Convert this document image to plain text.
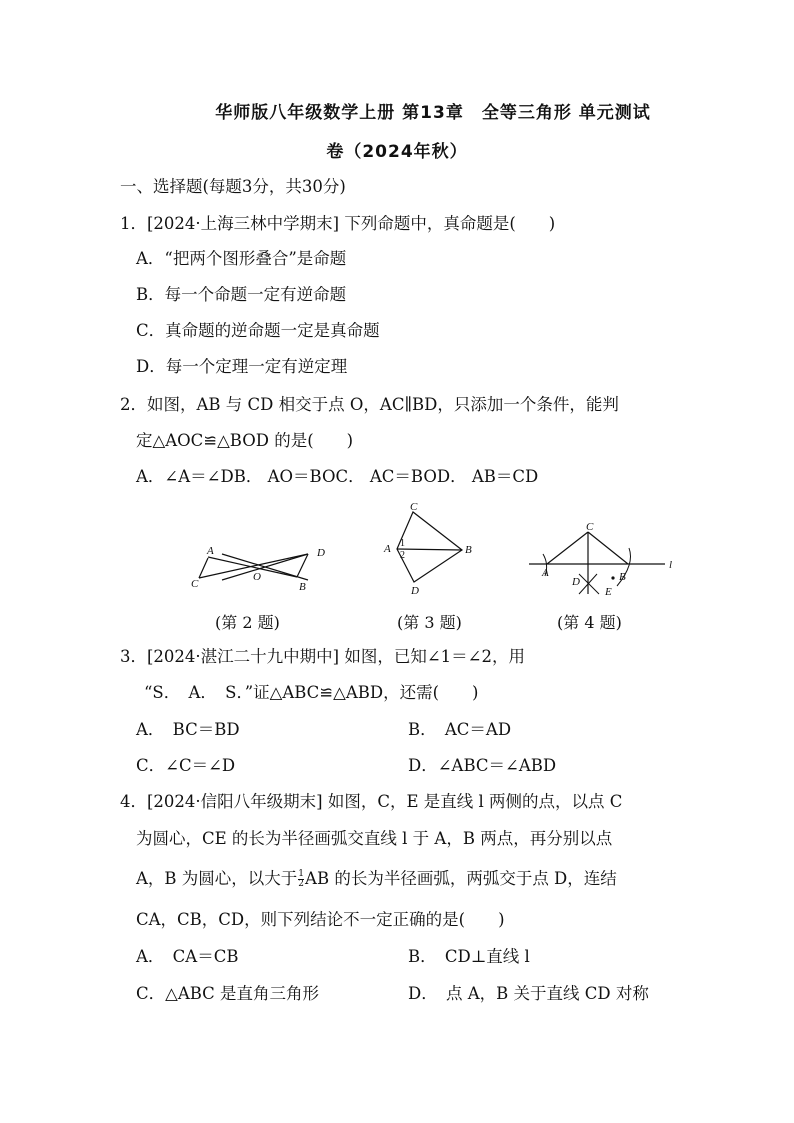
华师版八年级数学上册 第13章　全等三角形 单元测试
卷（2024年秋）
一、选择题(每题3分，共30分)
1．[2024·上海三林中学期末] 下列命题中，真命题是(　　)
A．“把两个图形叠合”是命题
B．每一个命题一定有逆命题
C．真命题的逆命题一定是真命题
D．每一个定理一定有逆定理
2．如图，AB 与 CD 相交于点 O，AC∥BD，只添加一个条件，能判
定△AOC≌△BOD 的是(　　)
A．∠A＝∠DB． AO＝BOC． AC＝BOD． AB＝CD
A	D
C
O
B
C
A 1
2	B
D
C
l
A
D	B
E
(第 2 题)	(第 3 题)	(第 4 题)
3．[2024·湛江二十九中期中] 如图，已知∠1＝∠2，用
“S．　A．　S．”证△ABC≌△ABD，还需(　　)
A．　BC＝BD	B．　AC＝AD
C．∠C＝∠D	D．∠ABC＝∠ABD
4．[2024·信阳八年级期末] 如图，C，E 是直线 l 两侧的点，以点 C
为圆心，CE 的长为半径画弧交直线 l 于 A，B 两点，再分别以点
A，B 为圆心，以大于 $\frac{1}{2}$ AB 的长为半径画弧，两弧交于点 D，连结
CA，CB，CD，则下列结论不一定正确的是(　　)
A．　CA＝CB	B．　CD⊥直线 l
C．△ABC 是直角三角形	D．　点 A，B 关于直线 CD 对称
